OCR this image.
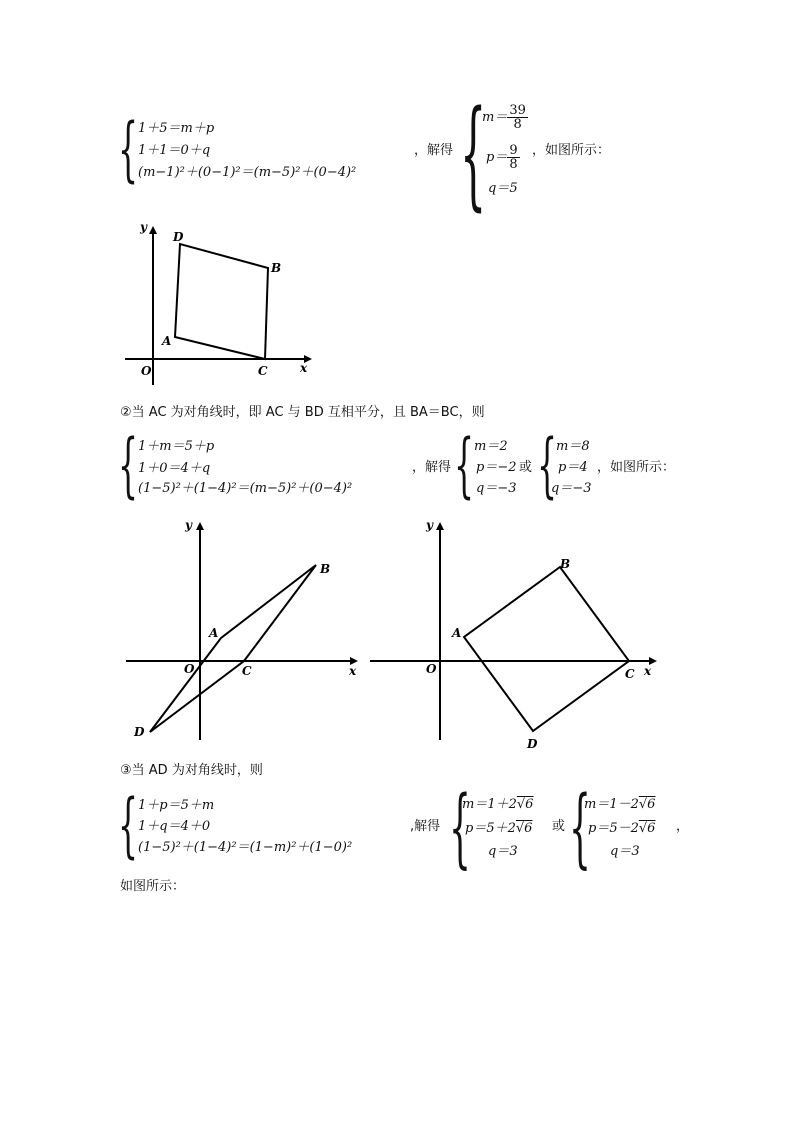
{ 1＋5＝m＋p
1＋1＝0＋q
(m−1)²＋(0−1)²＝(m−5)²＋(0−4)²
，解得 {
$m= \frac{39}{8}$
$p= \frac{9}{8}$
q＝5
，如图所示：
y
x
O
A
B
C
D
②当 AC 为对角线时，即 AC 与 BD 互相平分，且 BA＝BC，则
{ 1＋m＝5＋p
1＋0＝4＋q
(1−5)²＋(1−4)²＝(m−5)²＋(0−4)²
，解得 { m＝2
p＝−2
q＝−3
或 {
m＝8
p＝4
q＝−3
，如图所示：
y
x
O
A
B
C
D
y
x
O
A
B
C
D
③当 AD 为对角线时，则
{ 1＋p＝5＋m
1＋q＝4＋0
(1−5)²＋(1−4)²＝(1−m)²＋(1−0)²
,解得 {
m＝1＋2√6
p＝5＋2√6
q＝3
或 {
m＝1－2√6
p＝5－2√6
q＝3
，
如图所示：
